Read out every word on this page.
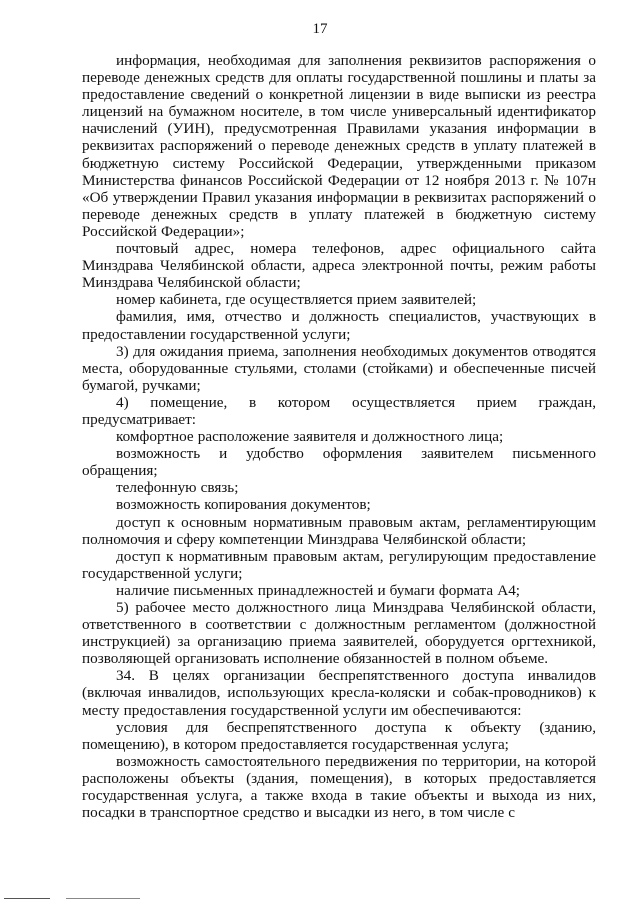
17

информация, необходимая для заполнения реквизитов распоряжения о переводе денежных средств для оплаты государственной пошлины и платы за предоставление сведений о конкретной лицензии в виде выписки из реестра лицензий на бумажном носителе, в том числе универсальный идентификатор начислений (УИН), предусмотренная Правилами указания информации в реквизитах распоряжений о переводе денежных средств в уплату платежей в бюджетную систему Российской Федерации, утвержденными приказом Министерства финансов Российской Федерации от 12 ноября 2013 г. № 107н «Об утверждении Правил указания информации в реквизитах распоряжений о переводе денежных средств в уплату платежей в бюджетную систему Российской Федерации»;

почтовый адрес, номера телефонов, адрес официального сайта Минздрава Челябинской области, адреса электронной почты, режим работы Минздрава Челябинской области;

номер кабинета, где осуществляется прием заявителей;

фамилия, имя, отчество и должность специалистов, участвующих в предоставлении государственной услуги;

3) для ожидания приема, заполнения необходимых документов отводятся места, оборудованные стульями, столами (стойками) и обеспеченные писчей бумагой, ручками;

4) помещение, в котором осуществляется прием граждан, предусматривает:

комфортное расположение заявителя и должностного лица;

возможность и удобство оформления заявителем письменного обращения;

телефонную связь;

возможность копирования документов;

доступ к основным нормативным правовым актам, регламентирующим полномочия и сферу компетенции Минздрава Челябинской области;

доступ к нормативным правовым актам, регулирующим предоставление государственной услуги;

наличие письменных принадлежностей и бумаги формата А4;

5) рабочее место должностного лица Минздрава Челябинской области, ответственного в соответствии с должностным регламентом (должностной инструкцией) за организацию приема заявителей, оборудуется оргтехникой, позволяющей организовать исполнение обязанностей в полном объеме.

34. В целях организации беспрепятственного доступа инвалидов (включая инвалидов, использующих кресла-коляски и собак-проводников) к месту предоставления государственной услуги им обеспечиваются:

условия для беспрепятственного доступа к объекту (зданию, помещению), в котором предоставляется государственная услуга;

возможность самостоятельного передвижения по территории, на которой расположены объекты (здания, помещения), в которых предоставляется государственная услуга, а также входа в такие объекты и выхода из них, посадки в транспортное средство и высадки из него, в том числе с
